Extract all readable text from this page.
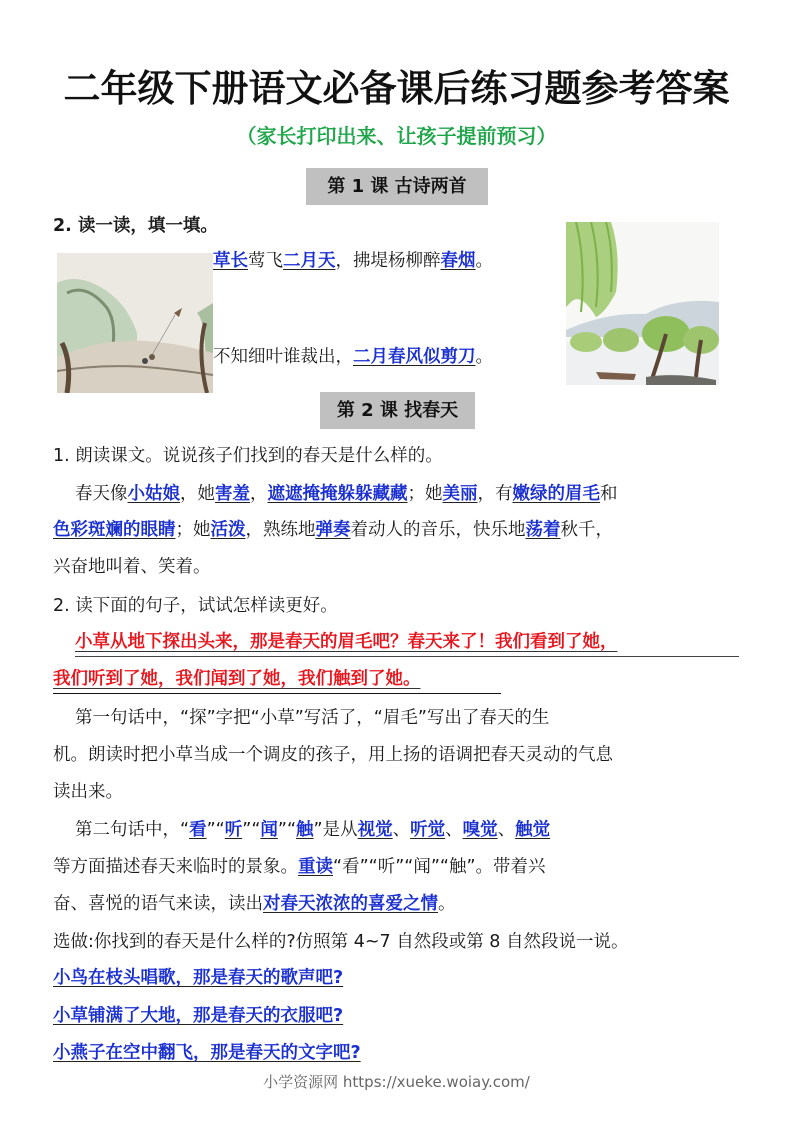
二年级下册语文必备课后练习题参考答案
（家长打印出来、让孩子提前预习）
第 1 课 古诗两首
2. 读一读，填一填。
草长莺飞二月天，拂堤杨柳醉春烟。
不知细叶谁裁出，二月春风似剪刀。
第 2 课 找春天
1. 朗读课文。说说孩子们找到的春天是什么样的。
春天像小姑娘，她害羞，遮遮掩掩躲躲藏藏；她美丽，有嫩绿的眉毛和
色彩斑斓的眼睛；她活泼，熟练地弹奏着动人的音乐，快乐地荡着秋千，
兴奋地叫着、笑着。
2. 读下面的句子，试试怎样读更好。
小草从地下探出头来，那是春天的眉毛吧？春天来了！我们看到了她，
我们听到了她，我们闻到了她，我们触到了她。
第一句话中，“探”字把“小草”写活了，“眉毛”写出了春天的生
机。朗读时把小草当成一个调皮的孩子，用上扬的语调把春天灵动的气息
读出来。
第二句话中，“看”“听”“闻”“触”是从视觉、听觉、嗅觉、触觉
等方面描述春天来临时的景象。重读“看”“听”“闻”“触”。带着兴
奋、喜悦的语气来读，读出对春天浓浓的喜爱之情。
选做:你找到的春天是什么样的?仿照第 4~7 自然段或第 8 自然段说一说。
小鸟在枝头唱歌，那是春天的歌声吧?
小草铺满了大地，那是春天的衣服吧?
小燕子在空中翻飞，那是春天的文字吧?
小学资源网 https://xueke.woiay.com/
